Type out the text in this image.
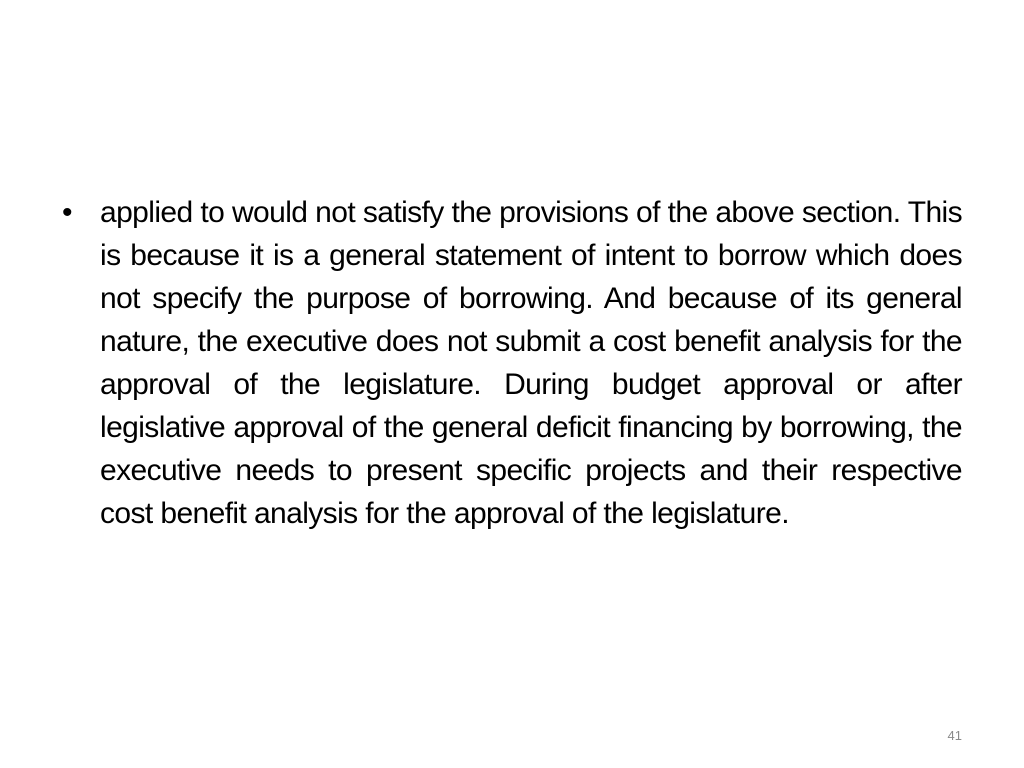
• applied to would not satisfy the provisions of the above section. This is because it is a general statement of intent to borrow which does not specify the purpose of borrowing. And because of its general nature, the executive does not submit a cost benefit analysis for the approval of the legislature. During budget approval or after legislative approval of the general deficit financing by borrowing, the executive needs to present specific projects and their respective cost benefit analysis for the approval of the legislature.

41
